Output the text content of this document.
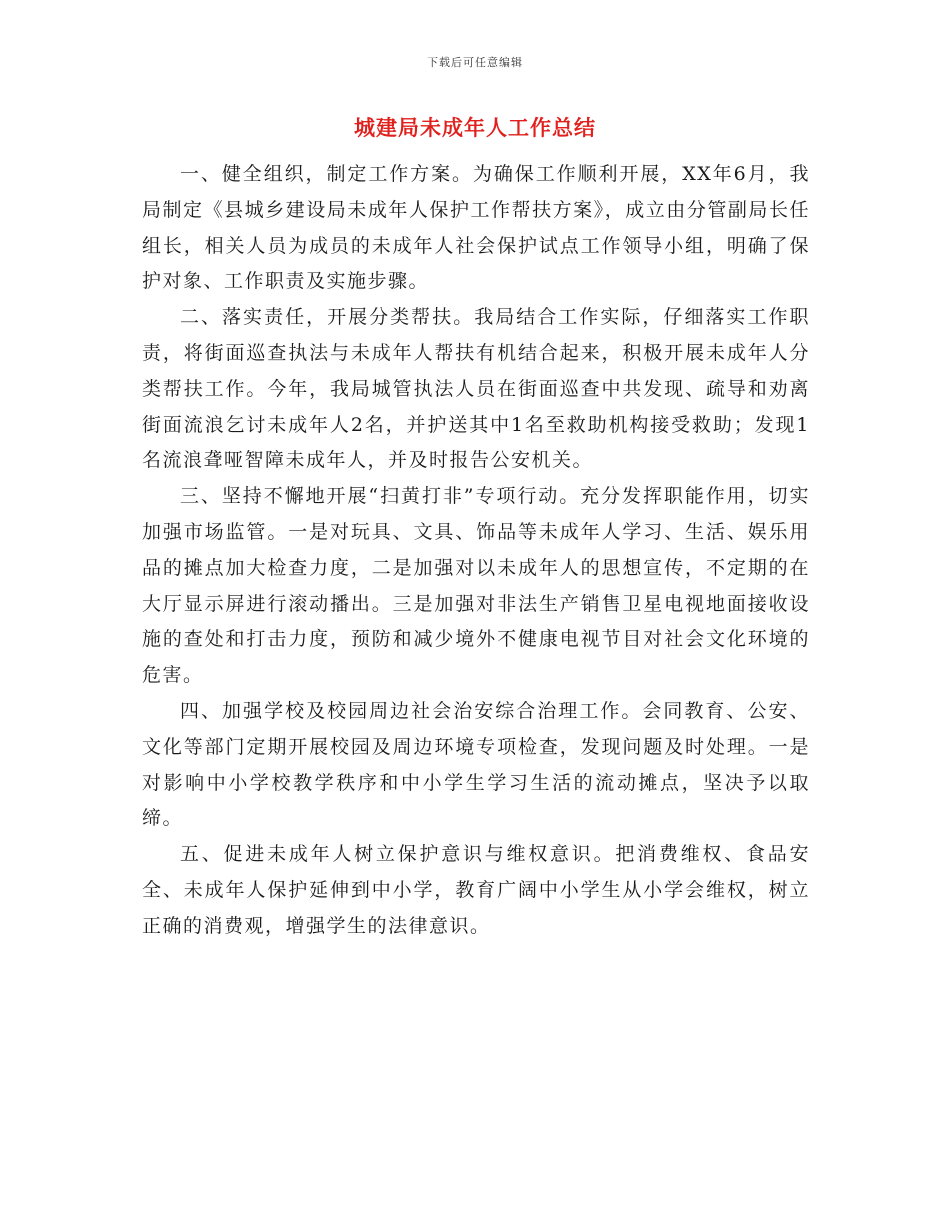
下载后可任意编辑
城建局未成年人工作总结

一、健全组织，制定工作方案。为确保工作顺利开展，XX年6月，我局制定《县城乡建设局未成年人保护工作帮扶方案》，成立由分管副局长任组长，相关人员为成员的未成年人社会保护试点工作领导小组，明确了保护对象、工作职责及实施步骤。

二、落实责任，开展分类帮扶。我局结合工作实际，仔细落实工作职责，将街面巡查执法与未成年人帮扶有机结合起来，积极开展未成年人分类帮扶工作。今年，我局城管执法人员在街面巡查中共发现、疏导和劝离街面流浪乞讨未成年人2名，并护送其中1名至救助机构接受救助；发现1名流浪聋哑智障未成年人，并及时报告公安机关。

三、坚持不懈地开展“扫黄打非”专项行动。充分发挥职能作用，切实加强市场监管。一是对玩具、文具、饰品等未成年人学习、生活、娱乐用品的摊点加大检查力度，二是加强对以未成年人的思想宣传，不定期的在大厅显示屏进行滚动播出。三是加强对非法生产销售卫星电视地面接收设施的查处和打击力度，预防和减少境外不健康电视节目对社会文化环境的危害。

四、加强学校及校园周边社会治安综合治理工作。会同教育、公安、文化等部门定期开展校园及周边环境专项检查，发现问题及时处理。一是对影响中小学校教学秩序和中小学生学习生活的流动摊点，坚决予以取缔。

五、促进未成年人树立保护意识与维权意识。把消费维权、食品安全、未成年人保护延伸到中小学，教育广阔中小学生从小学会维权，树立正确的消费观，增强学生的法律意识。
